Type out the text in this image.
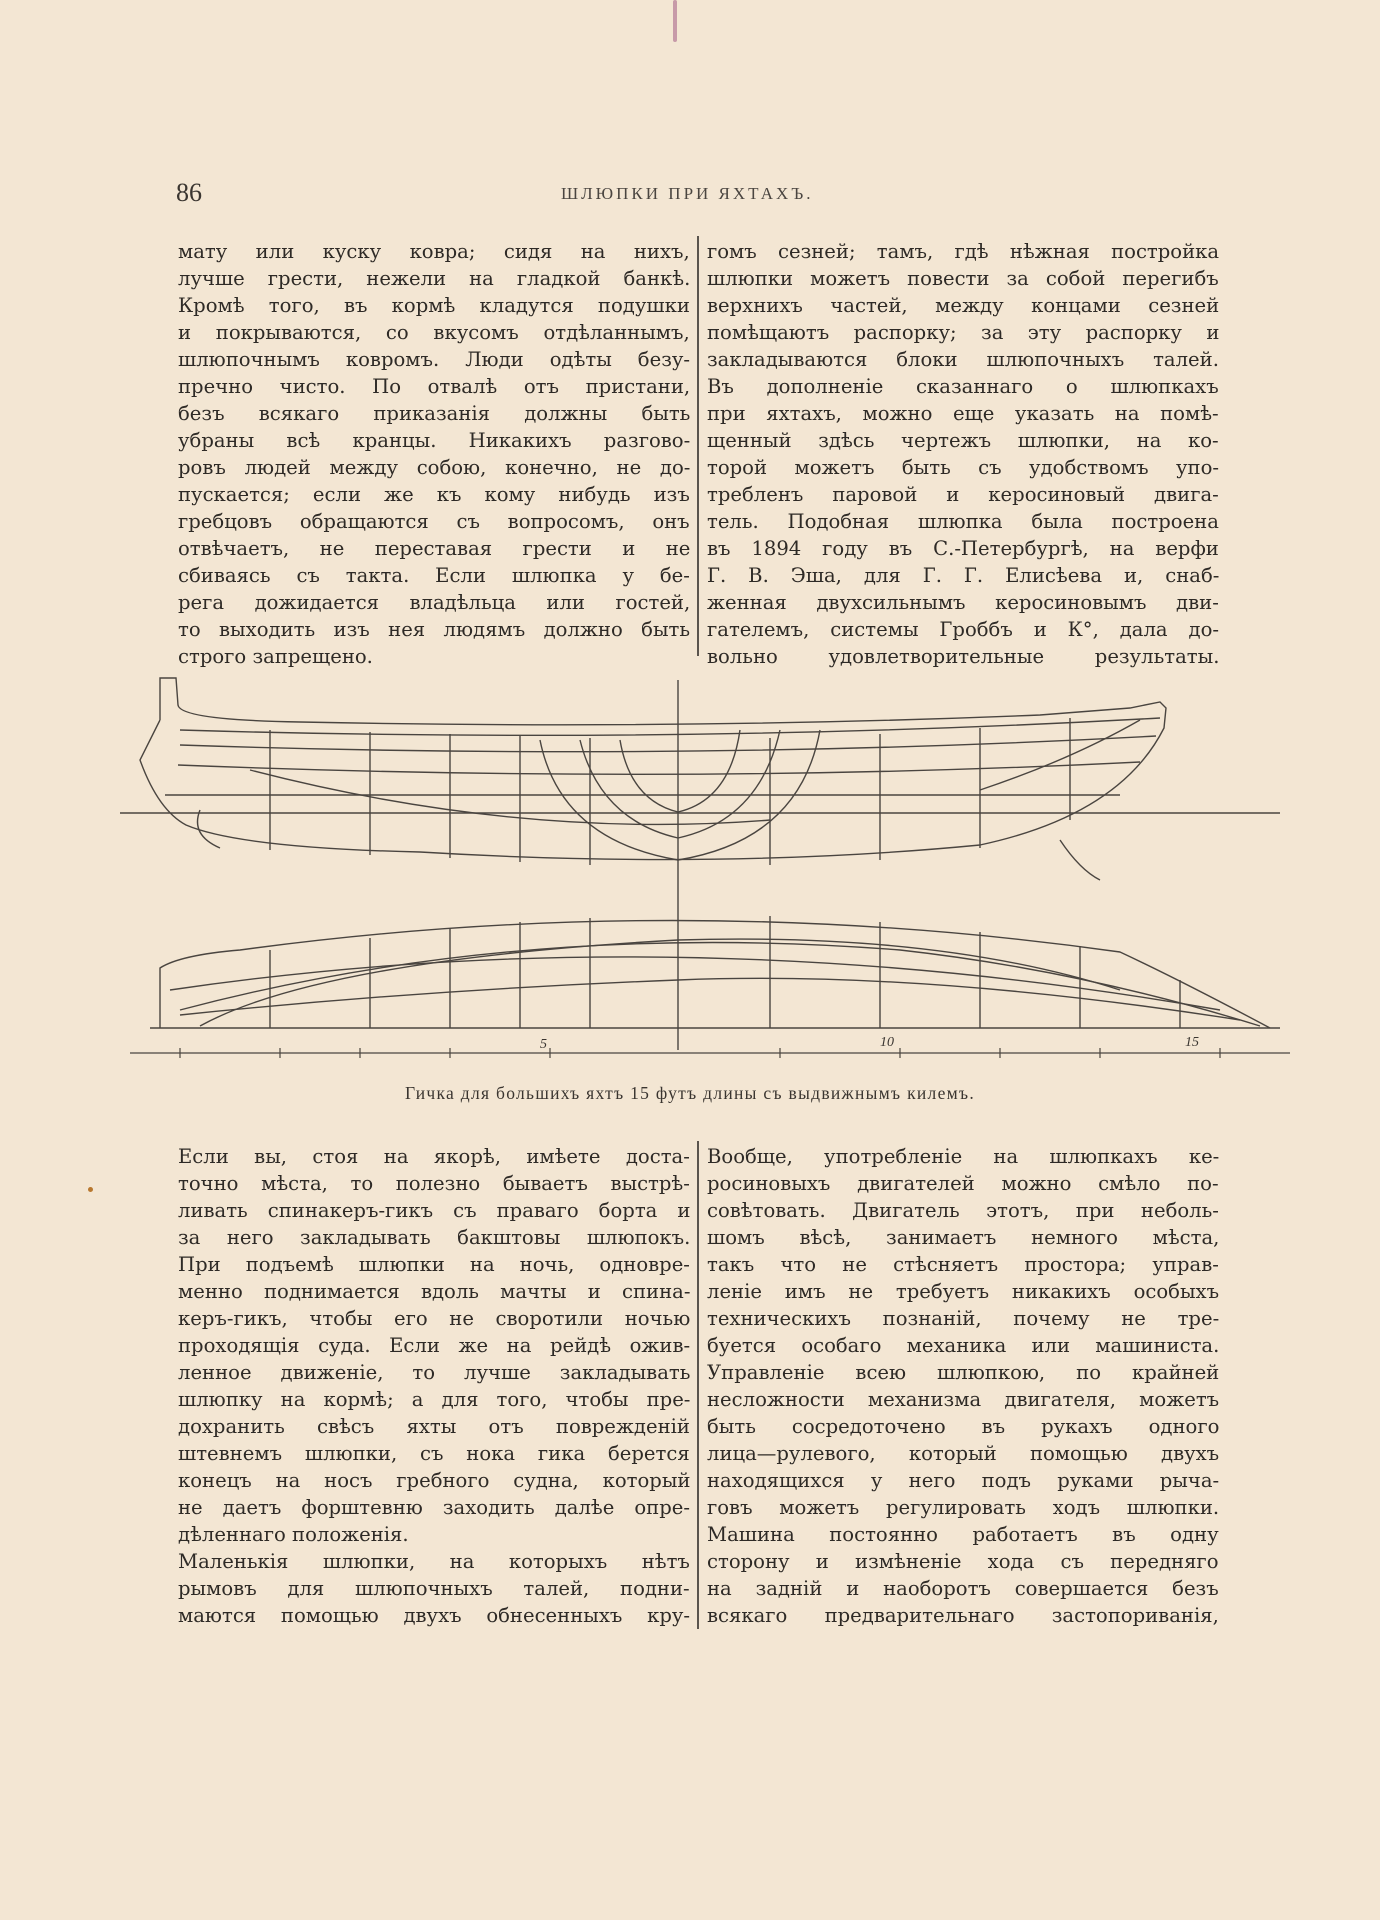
86	ШЛЮПКИ ПРИ ЯХТАХЪ.
мату или куску ковра; сидя на нихъ,
лучше грести, нежели на гладкой банкѣ.
Кромѣ того, въ кормѣ кладутся подушки
и покрываются, со вкусомъ отдѣланнымъ,
шлюпочнымъ ковромъ. Люди одѣты безу-
пречно чисто. По отвалѣ отъ пристани,
безъ всякаго приказанія должны быть
убраны всѣ кранцы. Никакихъ разгово-
ровъ людей между собою, конечно, не до-
пускается; если же къ кому нибудь изъ
гребцовъ обращаются съ вопросомъ, онъ
отвѣчаетъ, не переставая грести и не
сбиваясь съ такта. Если шлюпка у бе-
рега дожидается владѣльца или гостей,
то выходить изъ нея людямъ должно быть
строго запрещено.
гомъ сезней; тамъ, гдѣ нѣжная постройка
шлюпки можетъ повести за собой перегибъ
верхнихъ частей, между концами сезней
помѣщаютъ распорку; за эту распорку и
закладываются блоки шлюпочныхъ талей.
Въ дополненіе сказаннаго о шлюпкахъ
при яхтахъ, можно еще указать на помѣ-
щенный здѣсь чертежъ шлюпки, на ко-
торой можетъ быть съ удобствомъ упо-
требленъ паровой и керосиновый двига-
тель. Подобная шлюпка была построена
въ 1894 году въ С.-Петербургѣ, на верфи
Г. В. Эша, для Г. Г. Елисѣева и, снаб-
женная двухсильнымъ керосиновымъ дви-
гателемъ, системы Гроббъ и К°, дала до-
вольно удовлетворительные результаты.
5	10	15
Гичка для большихъ яхтъ 15 футъ длины съ выдвижнымъ килемъ.
Если вы, стоя на якорѣ, имѣете доста-
точно мѣста, то полезно бываетъ выстрѣ-
ливать спинакеръ-гикъ съ праваго борта и
за него закладывать бакштовы шлюпокъ.
При подъемѣ шлюпки на ночь, одновре-
менно поднимается вдоль мачты и спина-
керъ-гикъ, чтобы его не своротили ночью
проходящія суда. Если же на рейдѣ ожив-
ленное движеніе, то лучше закладывать
шлюпку на кормѣ; а для того, чтобы пре-
дохранить свѣсъ яхты отъ поврежденій
штевнемъ шлюпки, съ нока гика берется
конецъ на носъ гребного судна, который
не даетъ форштевню заходить далѣе опре-
дѣленнаго положенія.
Маленькія шлюпки, на которыхъ нѣтъ
рымовъ для шлюпочныхъ талей, подни-
маются помощью двухъ обнесенныхъ кру-
Вообще, употребленіе на шлюпкахъ ке-
росиновыхъ двигателей можно смѣло по-
совѣтовать. Двигатель этотъ, при неболь-
шомъ вѣсѣ, занимаетъ немного мѣста,
такъ что не стѣсняетъ простора; управ-
леніе имъ не требуетъ никакихъ особыхъ
техническихъ познаній, почему не тре-
буется особаго механика или машиниста.
Управленіе всею шлюпкою, по крайней
несложности механизма двигателя, можетъ
быть сосредоточено въ рукахъ одного
лица—рулевого, который помощью двухъ
находящихся у него подъ руками рыча-
говъ можетъ регулировать ходъ шлюпки.
Машина постоянно работаетъ въ одну
сторону и измѣненіе хода съ передняго
на заднiй и наоборотъ совершается безъ
всякаго предварительнаго застопориванія,
